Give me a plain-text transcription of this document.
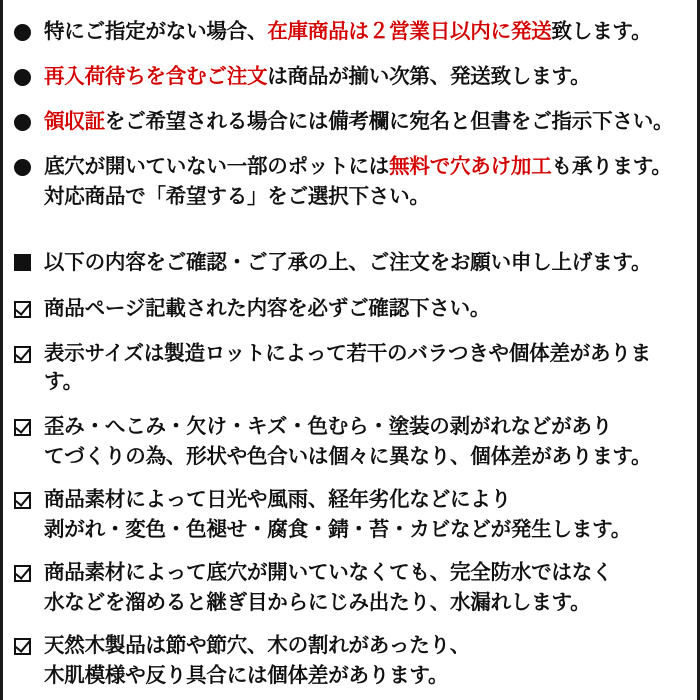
特にご指定がない場合、在庫商品は２営業日以内に発送致します。
再入荷待ちを含むご注文は商品が揃い次第、発送致します。
領収証をご希望される場合には備考欄に宛名と但書をご指示下さい。
底穴が開いていない一部のポットには無料で穴あけ加工も承ります。
対応商品で「希望する」をご選択下さい。
以下の内容をご確認・ご了承の上、ご注文をお願い申し上げます。
商品ページ記載された内容を必ずご確認下さい。
表示サイズは製造ロットによって若干のバラつきや個体差があります。
歪み・へこみ・欠け・キズ・色むら・塗装の剥がれなどがあり
てづくりの為、形状や色合いは個々に異なり、個体差があります。
商品素材によって日光や風雨、経年劣化などにより
剥がれ・変色・色褪せ・腐食・錆・苔・カビなどが発生します。
商品素材によって底穴が開いていなくても、完全防水ではなく
水などを溜めると継ぎ目からにじみ出たり、水漏れします。
天然木製品は節や節穴、木の割れがあったり、
木肌模様や反り具合には個体差があります。
